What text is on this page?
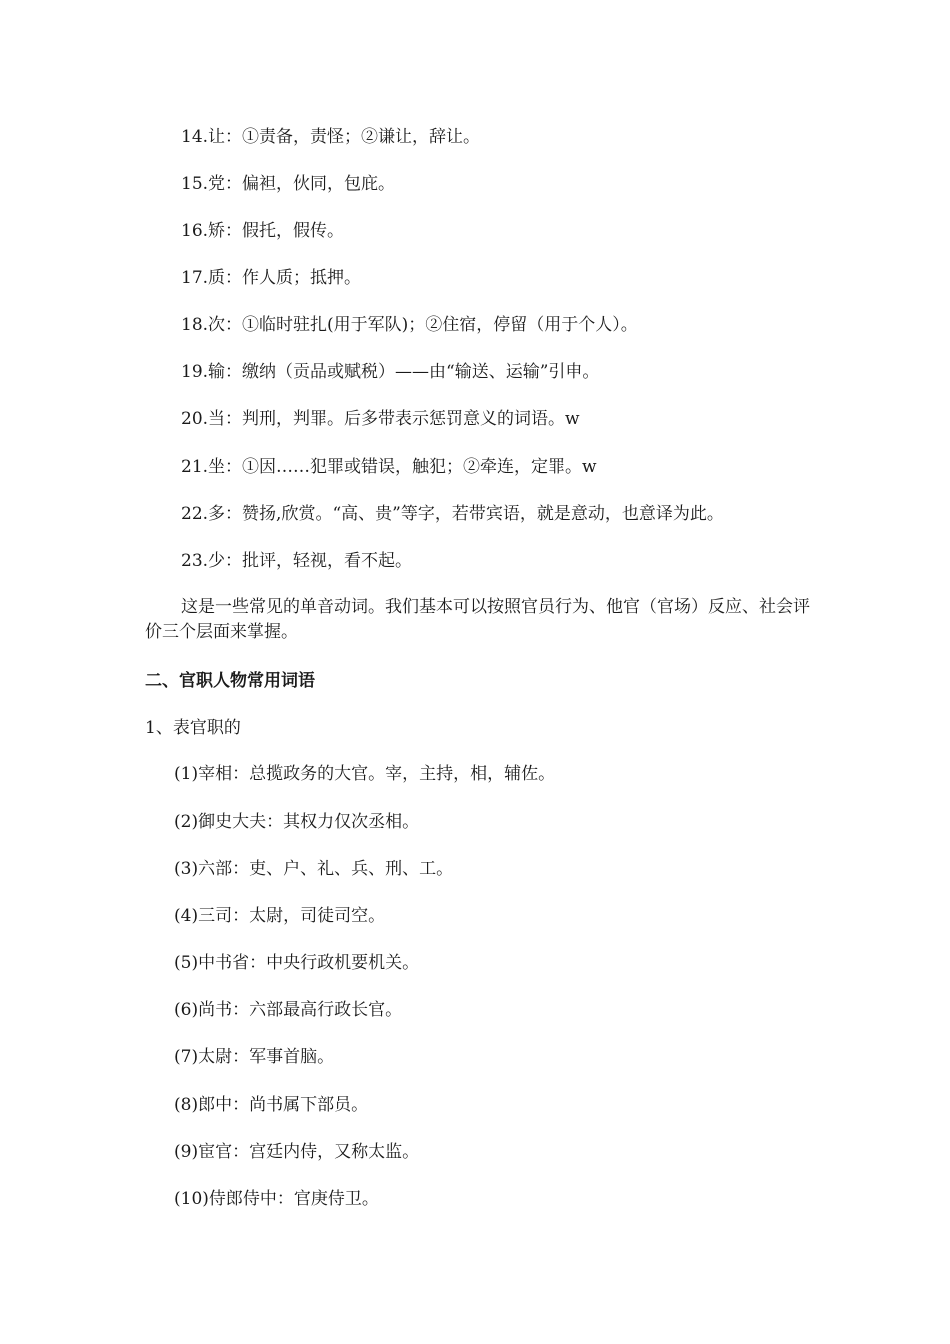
14.让：①责备，责怪；②谦让，辞让。
15.党：偏袒，伙同，包庇。
16.矫：假托，假传。
17.质：作人质；抵押。
18.次：①临时驻扎(用于军队)；②住宿，停留（用于个人）。
19.输：缴纳（贡品或赋税）——由“输送、运输”引申。
20.当：判刑，判罪。后多带表示惩罚意义的词语。w
21.坐：①因……犯罪或错误，触犯；②牵连，定罪。w
22.多：赞扬,欣赏。“高、贵”等字，若带宾语，就是意动，也意译为此。
23.少：批评，轻视，看不起。
这是一些常见的单音动词。我们基本可以按照官员行为、他官（官场）反应、社会评价三个层面来掌握。
二、官职人物常用词语
1、表官职的
(1)宰相：总揽政务的大官。宰，主持，相，辅佐。
(2)御史大夫：其权力仅次丞相。
(3)六部：吏、户、礼、兵、刑、工。
(4)三司：太尉，司徒司空。
(5)中书省：中央行政机要机关。
(6)尚书：六部最高行政长官。
(7)太尉：军事首脑。
(8)郎中：尚书属下部员。
(9)宦官：宫廷内侍，又称太监。
(10)侍郎侍中：官庚侍卫。
